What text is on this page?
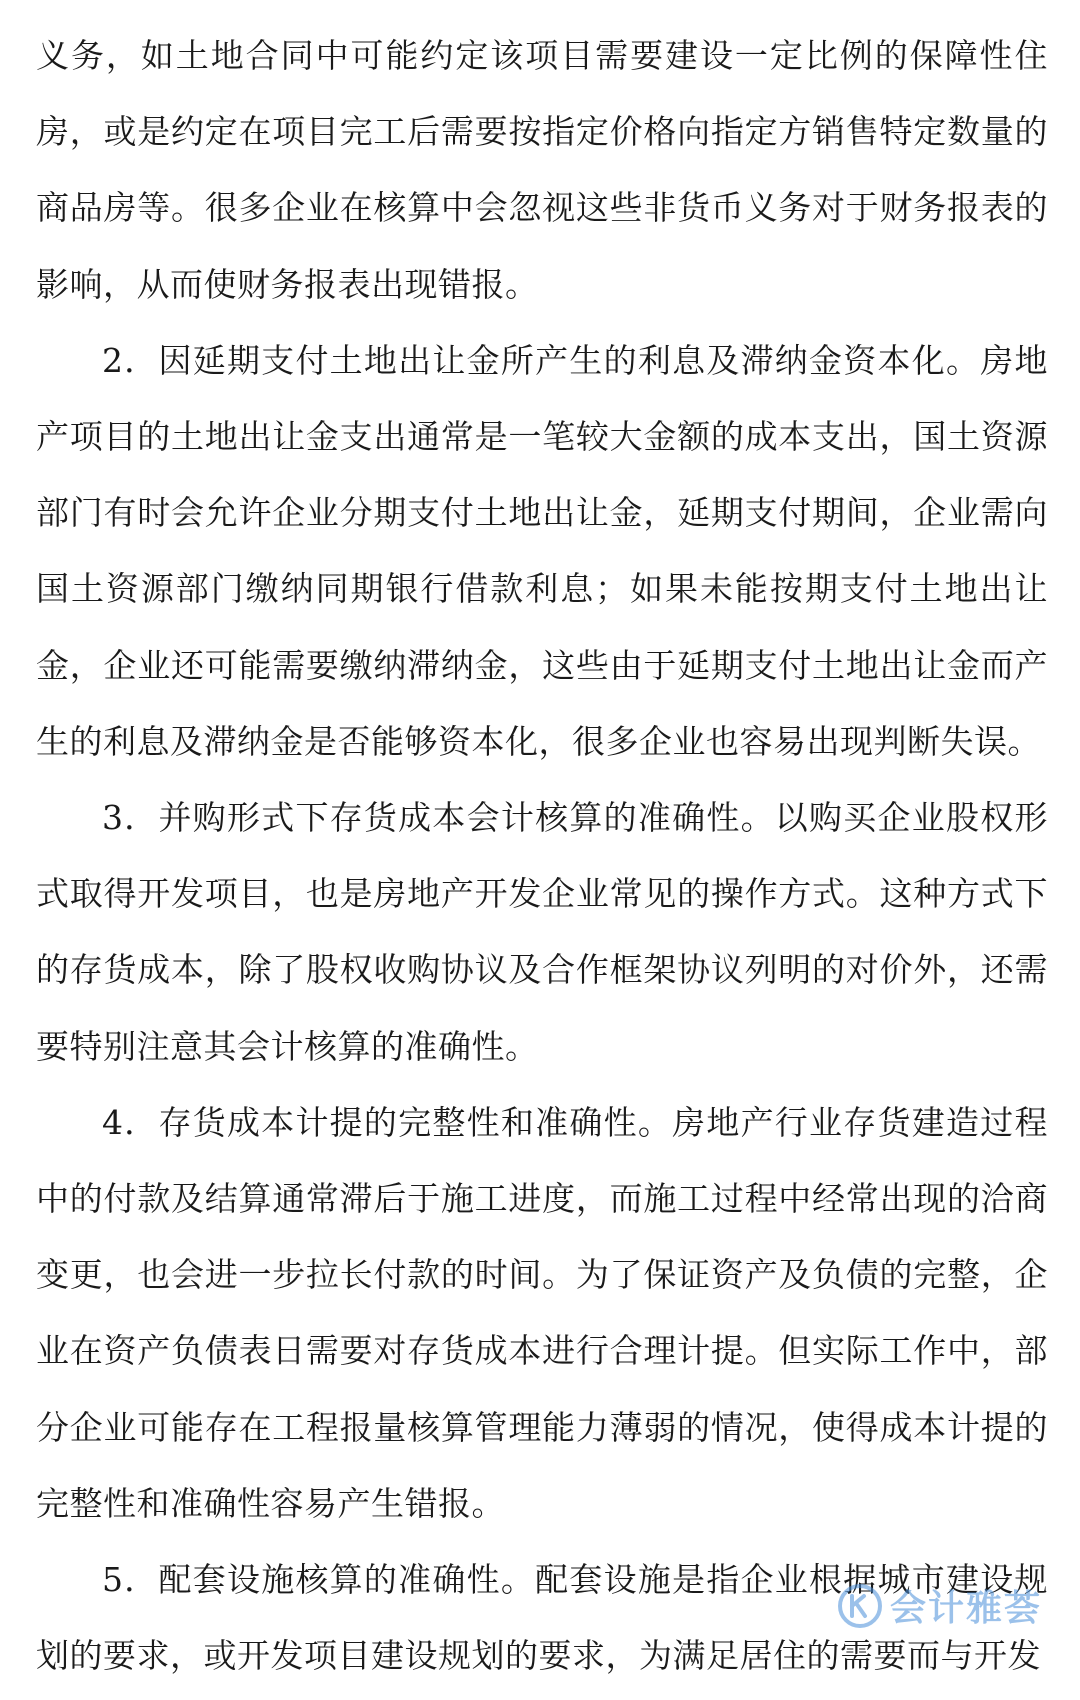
义务，如土地合同中可能约定该项目需要建设一定比例的保障性住房，或是约定在项目完工后需要按指定价格向指定方销售特定数量的商品房等。很多企业在核算中会忽视这些非货币义务对于财务报表的影响，从而使财务报表出现错报。

2．因延期支付土地出让金所产生的利息及滞纳金资本化。房地产项目的土地出让金支出通常是一笔较大金额的成本支出，国土资源部门有时会允许企业分期支付土地出让金，延期支付期间，企业需向国土资源部门缴纳同期银行借款利息；如果未能按期支付土地出让金，企业还可能需要缴纳滞纳金，这些由于延期支付土地出让金而产生的利息及滞纳金是否能够资本化，很多企业也容易出现判断失误。

3．并购形式下存货成本会计核算的准确性。以购买企业股权形式取得开发项目，也是房地产开发企业常见的操作方式。这种方式下的存货成本，除了股权收购协议及合作框架协议列明的对价外，还需要特别注意其会计核算的准确性。

4．存货成本计提的完整性和准确性。房地产行业存货建造过程中的付款及结算通常滞后于施工进度，而施工过程中经常出现的洽商变更，也会进一步拉长付款的时间。为了保证资产及负债的完整，企业在资产负债表日需要对存货成本进行合理计提。但实际工作中，部分企业可能存在工程报量核算管理能力薄弱的情况，使得成本计提的完整性和准确性容易产生错报。

5．配套设施核算的准确性。配套设施是指企业根据城市建设规划的要求，或开发项目建设规划的要求，为满足居住的需要而与开发

会计雅荟
